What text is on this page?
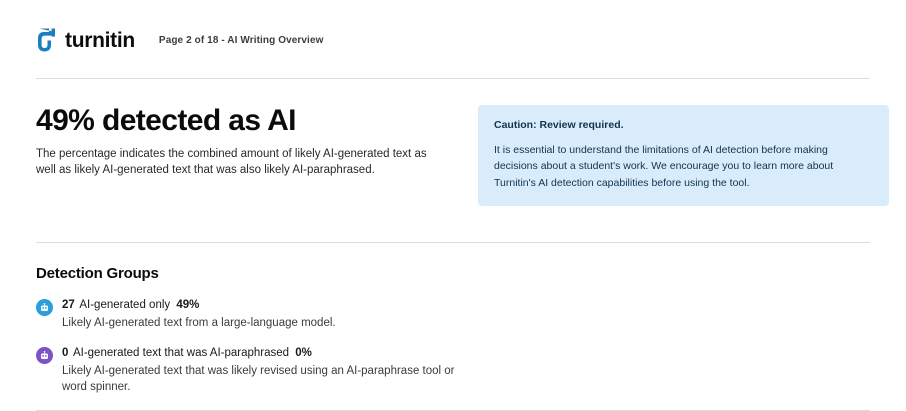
turnitin Page 2 of 18 - AI Writing Overview
49% detected as AI
The percentage indicates the combined amount of likely AI-generated text as well as likely AI-generated text that was also likely AI-paraphrased.
Caution: Review required.
It is essential to understand the limitations of AI detection before making decisions about a student's work. We encourage you to learn more about Turnitin's AI detection capabilities before using the tool.
Detection Groups
27 AI-generated only 49%
Likely AI-generated text from a large-language model.
0 AI-generated text that was AI-paraphrased 0%
Likely AI-generated text that was likely revised using an AI-paraphrase tool or word spinner.
